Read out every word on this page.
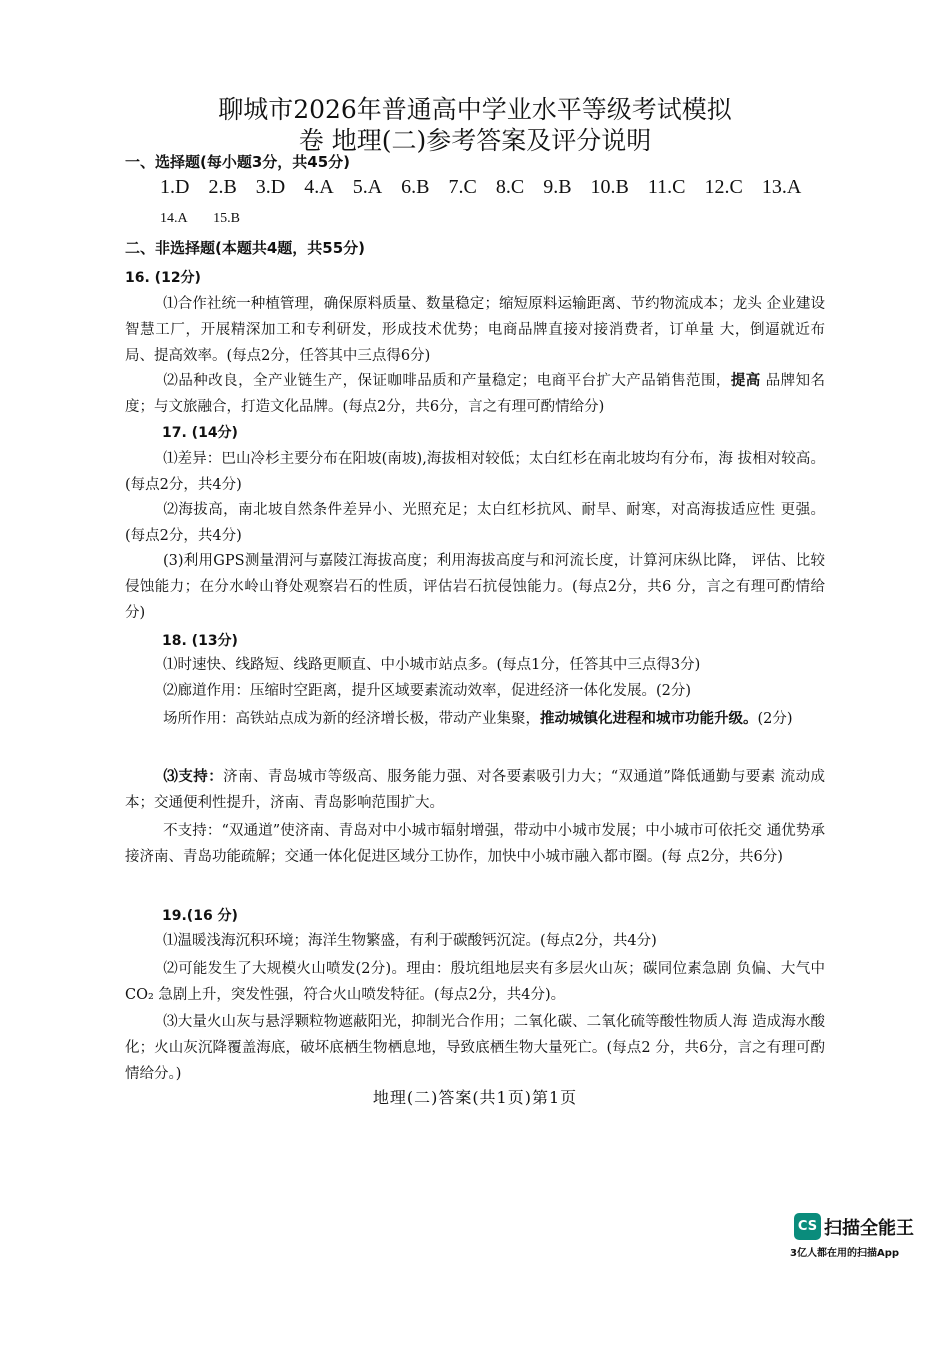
聊城市2026年普通高中学业水平等级考试模拟
卷 地理(二)参考答案及评分说明
一、选择题(每小题3分，共45分)
1.D 2.B 3.D 4.A 5.A 6.B 7.C 8.C 9.B 10.B 11.C 12.C 13.A
14.A 15.B
二、非选择题(本题共4题，共55分)
16. (12分)
⑴合作社统一种植管理，确保原料质量、数量稳定；缩短原料运输距离、节约物流成本；龙头 企业建设智慧工厂，开展精深加工和专利研发，形成技术优势；电商品牌直接对接消费者，订单量 大，倒逼就近布局、提高效率。(每点2分，任答其中三点得6分)
⑵品种改良，全产业链生产，保证咖啡品质和产量稳定；电商平台扩大产品销售范围，提高 品牌知名度；与文旅融合，打造文化品牌。(每点2分，共6分，言之有理可酌情给分)
17. (14分)
⑴差异：巴山冷杉主要分布在阳坡(南坡),海拔相对较低；太白红杉在南北坡均有分布，海 拔相对较高。(每点2分，共4分)
⑵海拔高，南北坡自然条件差异小、光照充足；太白红杉抗风、耐旱、耐寒，对高海拔适应性 更强。(每点2分，共4分)
(3)利用GPS测量渭河与嘉陵江海拔高度；利用海拔高度与和河流长度，计算河床纵比降， 评估、比较侵蚀能力；在分水岭山脊处观察岩石的性质，评估岩石抗侵蚀能力。(每点2分，共6 分，言之有理可酌情给分)
18. (13分)
⑴时速快、线路短、线路更顺直、中小城市站点多。(每点1分，任答其中三点得3分)
⑵廊道作用：压缩时空距离，提升区域要素流动效率，促进经济一体化发展。(2分)
场所作用：高铁站点成为新的经济增长极，带动产业集聚，推动城镇化进程和城市功能升级。(2分)
⑶支持：济南、青岛城市等级高、服务能力强、对各要素吸引力大；“双通道”降低通勤与要素 流动成本；交通便利性提升，济南、青岛影响范围扩大。
不支持：“双通道”使济南、青岛对中小城市辐射增强，带动中小城市发展；中小城市可依托交 通优势承接济南、青岛功能疏解；交通一体化促进区域分工协作，加快中小城市融入都市圈。(每 点2分，共6分)
19.(16 分)
⑴温暖浅海沉积环境；海洋生物繁盛，有利于碳酸钙沉淀。(每点2分，共4分)
⑵可能发生了大规模火山喷发(2分)。理由：殷坑组地层夹有多层火山灰；碳同位素急剧 负偏、大气中CO₂ 急剧上升，突发性强，符合火山喷发特征。(每点2分，共4分)。
⑶大量火山灰与悬浮颗粒物遮蔽阳光，抑制光合作用；二氧化碳、二氧化硫等酸性物质人海 造成海水酸化；火山灰沉降覆盖海底，破坏底栖生物栖息地，导致底栖生物大量死亡。(每点2 分，共6分，言之有理可酌情给分。)
地理(二)答案(共1页)第1页
CS 扫描全能王
3亿人都在用的扫描App
